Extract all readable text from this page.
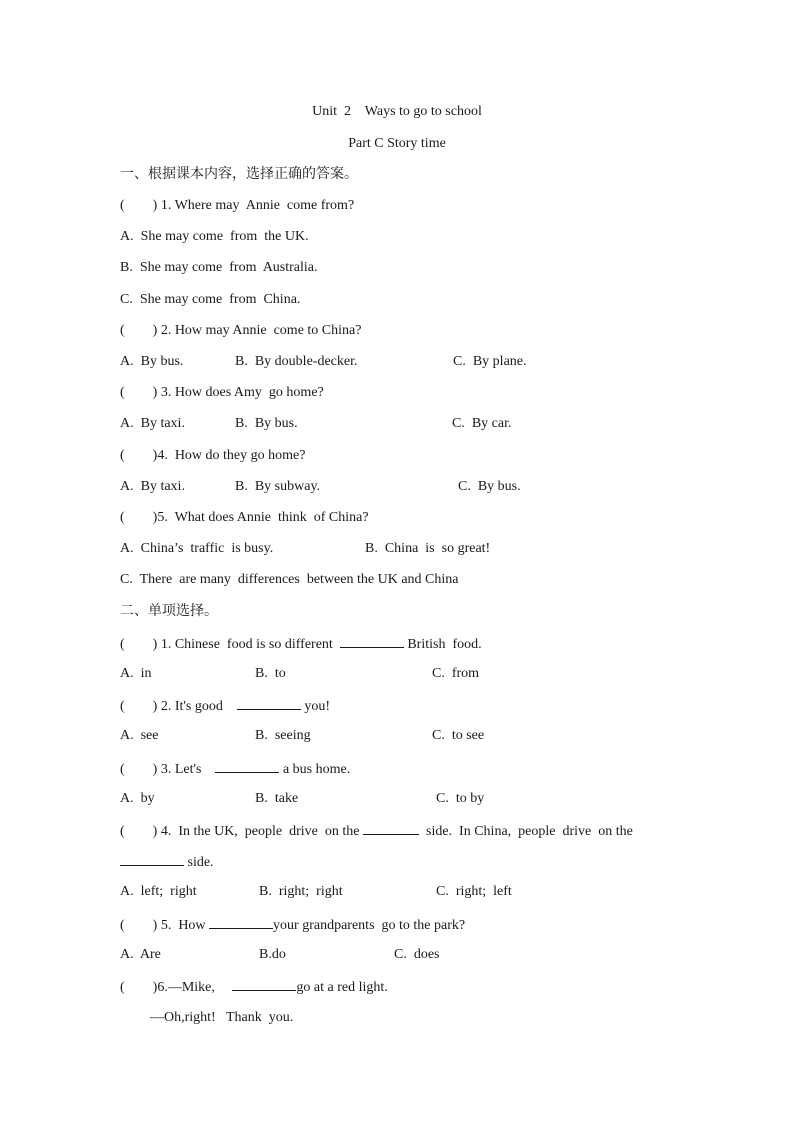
Unit  2    Ways to go to school
Part C Story time
一、根据课本内容，选择正确的答案。
(        ) 1. Where may  Annie  come from?
A.  She may come  from  the UK.
B.  She may come  from  Australia.
C.  She may come  from  China.
(        ) 2. How may Annie  come to China?
A.  By bus.	B.  By double-decker.	C.  By plane.
(        ) 3. How does Amy  go home?
A.  By taxi.	B.  By bus.	C.  By car.
(        )4.  How do they go home?
A.  By taxi.	B.  By subway.	C.  By bus.
(        )5.  What does Annie  think  of China?
A.  China’s  traffic  is busy.	B.  China  is  so great!
C.  There  are many  differences  between the UK and China
二、单项选择。
(        ) 1. Chinese  food is so different	British  food.
A.  in	B.  to	C.  from
(        ) 2. It's good	you!
A.  see	B.  seeing	C.  to see
(        ) 3. Let's	a bus home.
A.  by	B.  take	C.  to by
(        ) 4.  In the UK,  people  drive  on the	side.  In China,  people  drive  on the
side.
A.  left;  right	B.  right;  right	C.  right;  left
(        ) 5.  How	your grandparents  go to the park?
A.  Are	B.do	C.  does
(        )6.—Mike,	go at a red light.
—Oh,right!   Thank  you.
